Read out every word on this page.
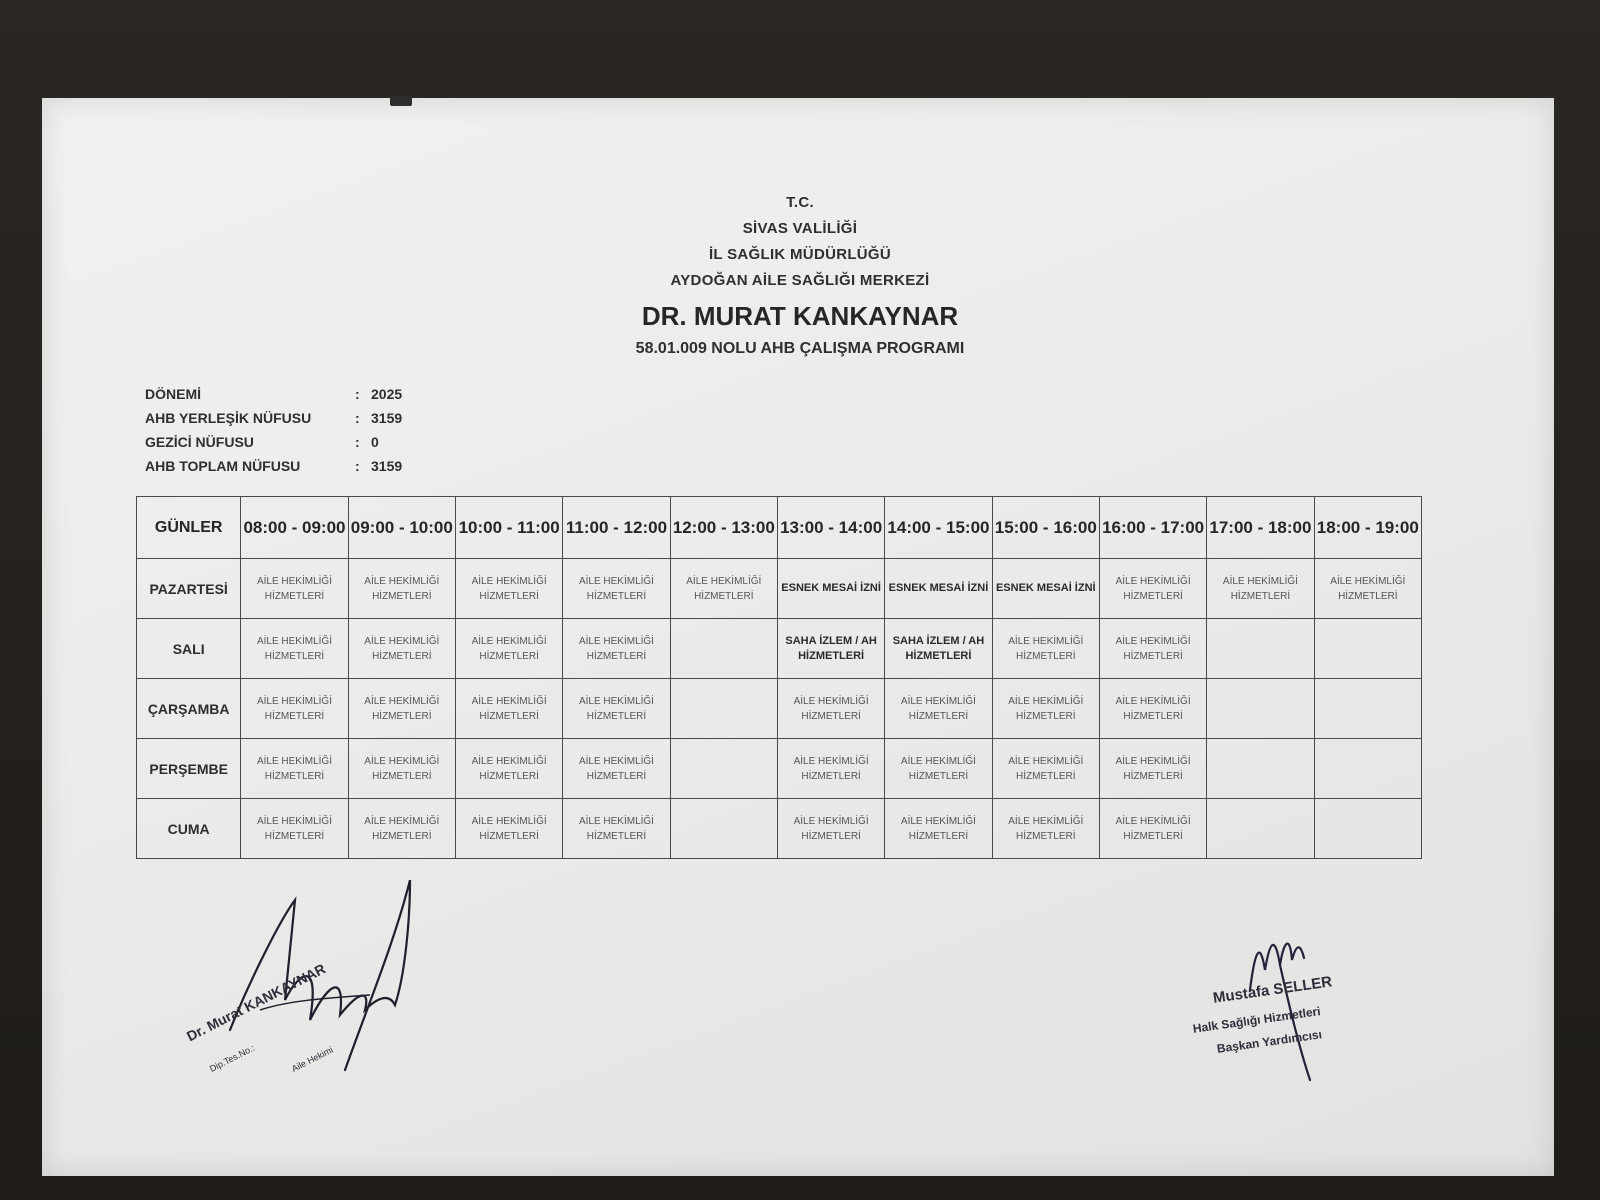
T.C.
SİVAS VALİLİĞİ
İL SAĞLIK MÜDÜRLÜĞÜ
AYDOĞAN AİLE SAĞLIĞI MERKEZİ
DR. MURAT KANKAYNAR
58.01.009 NOLU AHB ÇALIŞMA PROGRAMI
DÖNEMİ	: 2025
AHB YERLEŞİK NÜFUSU	: 3159
GEZİCİ NÜFUSU	: 0
AHB TOPLAM NÜFUSU	: 3159
GÜNLER	08:00 - 09:00	09:00 - 10:00	10:00 - 11:00	11:00 - 12:00	12:00 - 13:00	13:00 - 14:00	14:00 - 15:00	15:00 - 16:00	16:00 - 17:00	17:00 - 18:00	18:00 - 19:00
PAZARTESİ	AİLE HEKİMLİĞİ HİZMETLERİ	AİLE HEKİMLİĞİ HİZMETLERİ	AİLE HEKİMLİĞİ HİZMETLERİ	AİLE HEKİMLİĞİ HİZMETLERİ	AİLE HEKİMLİĞİ HİZMETLERİ	ESNEK MESAİ İZNİ	ESNEK MESAİ İZNİ	ESNEK MESAİ İZNİ	AİLE HEKİMLİĞİ HİZMETLERİ	AİLE HEKİMLİĞİ HİZMETLERİ	AİLE HEKİMLİĞİ HİZMETLERİ
SALI	AİLE HEKİMLİĞİ HİZMETLERİ	AİLE HEKİMLİĞİ HİZMETLERİ	AİLE HEKİMLİĞİ HİZMETLERİ	AİLE HEKİMLİĞİ HİZMETLERİ		SAHA İZLEM / AH HİZMETLERİ	SAHA İZLEM / AH HİZMETLERİ	AİLE HEKİMLİĞİ HİZMETLERİ	AİLE HEKİMLİĞİ HİZMETLERİ		
ÇARŞAMBA	AİLE HEKİMLİĞİ HİZMETLERİ	AİLE HEKİMLİĞİ HİZMETLERİ	AİLE HEKİMLİĞİ HİZMETLERİ	AİLE HEKİMLİĞİ HİZMETLERİ		AİLE HEKİMLİĞİ HİZMETLERİ	AİLE HEKİMLİĞİ HİZMETLERİ	AİLE HEKİMLİĞİ HİZMETLERİ	AİLE HEKİMLİĞİ HİZMETLERİ		
PERŞEMBE	AİLE HEKİMLİĞİ HİZMETLERİ	AİLE HEKİMLİĞİ HİZMETLERİ	AİLE HEKİMLİĞİ HİZMETLERİ	AİLE HEKİMLİĞİ HİZMETLERİ		AİLE HEKİMLİĞİ HİZMETLERİ	AİLE HEKİMLİĞİ HİZMETLERİ	AİLE HEKİMLİĞİ HİZMETLERİ	AİLE HEKİMLİĞİ HİZMETLERİ		
CUMA	AİLE HEKİMLİĞİ HİZMETLERİ	AİLE HEKİMLİĞİ HİZMETLERİ	AİLE HEKİMLİĞİ HİZMETLERİ	AİLE HEKİMLİĞİ HİZMETLERİ		AİLE HEKİMLİĞİ HİZMETLERİ	AİLE HEKİMLİĞİ HİZMETLERİ	AİLE HEKİMLİĞİ HİZMETLERİ	AİLE HEKİMLİĞİ HİZMETLERİ		
Dr. Murat KANKAYNAR
Dip.Tes.No.:	Aile Hekimi
Mustafa SELLER
Halk Sağlığı Hizmetleri
Başkan Yardımcısı
